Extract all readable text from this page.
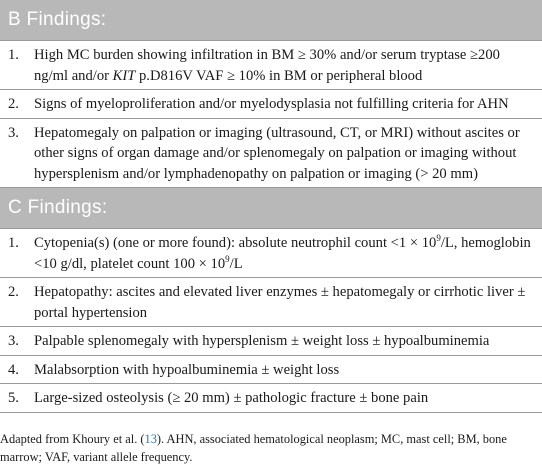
B Findings:	
1.	High MC burden showing infiltration in BM ≥ 30% and/or serum tryptase ≥200 ng/ml and/or KIT p.D816V VAF ≥ 10% in BM or peripheral blood
2.	Signs of myeloproliferation and/or myelodysplasia not fulfilling criteria for AHN
3.	Hepatomegaly on palpation or imaging (ultrasound, CT, or MRI) without ascites or other signs of organ damage and/or splenomegaly on palpation or imaging without hypersplenism and/or lymphadenopathy on palpation or imaging (> 20 mm)
C Findings:	
1.	Cytopenia(s) (one or more found): absolute neutrophil count $<1 \times 10^9/L$, hemoglobin <10 g/dl, platelet count $100 \times 10^9/L$
2.	Hepatopathy: ascites and elevated liver enzymes ± hepatomegaly or cirrhotic liver ± portal hypertension
3.	Palpable splenomegaly with hypersplenism ± weight loss ± hypoalbuminemia
4.	Malabsorption with hypoalbuminemia ± weight loss
5.	Large-sized osteolysis (≥ 20 mm) ± pathologic fracture ± bone pain
Adapted from Khoury et al. (13). AHN, associated hematological neoplasm; MC, mast cell; BM, bone marrow; VAF, variant allele frequency.
